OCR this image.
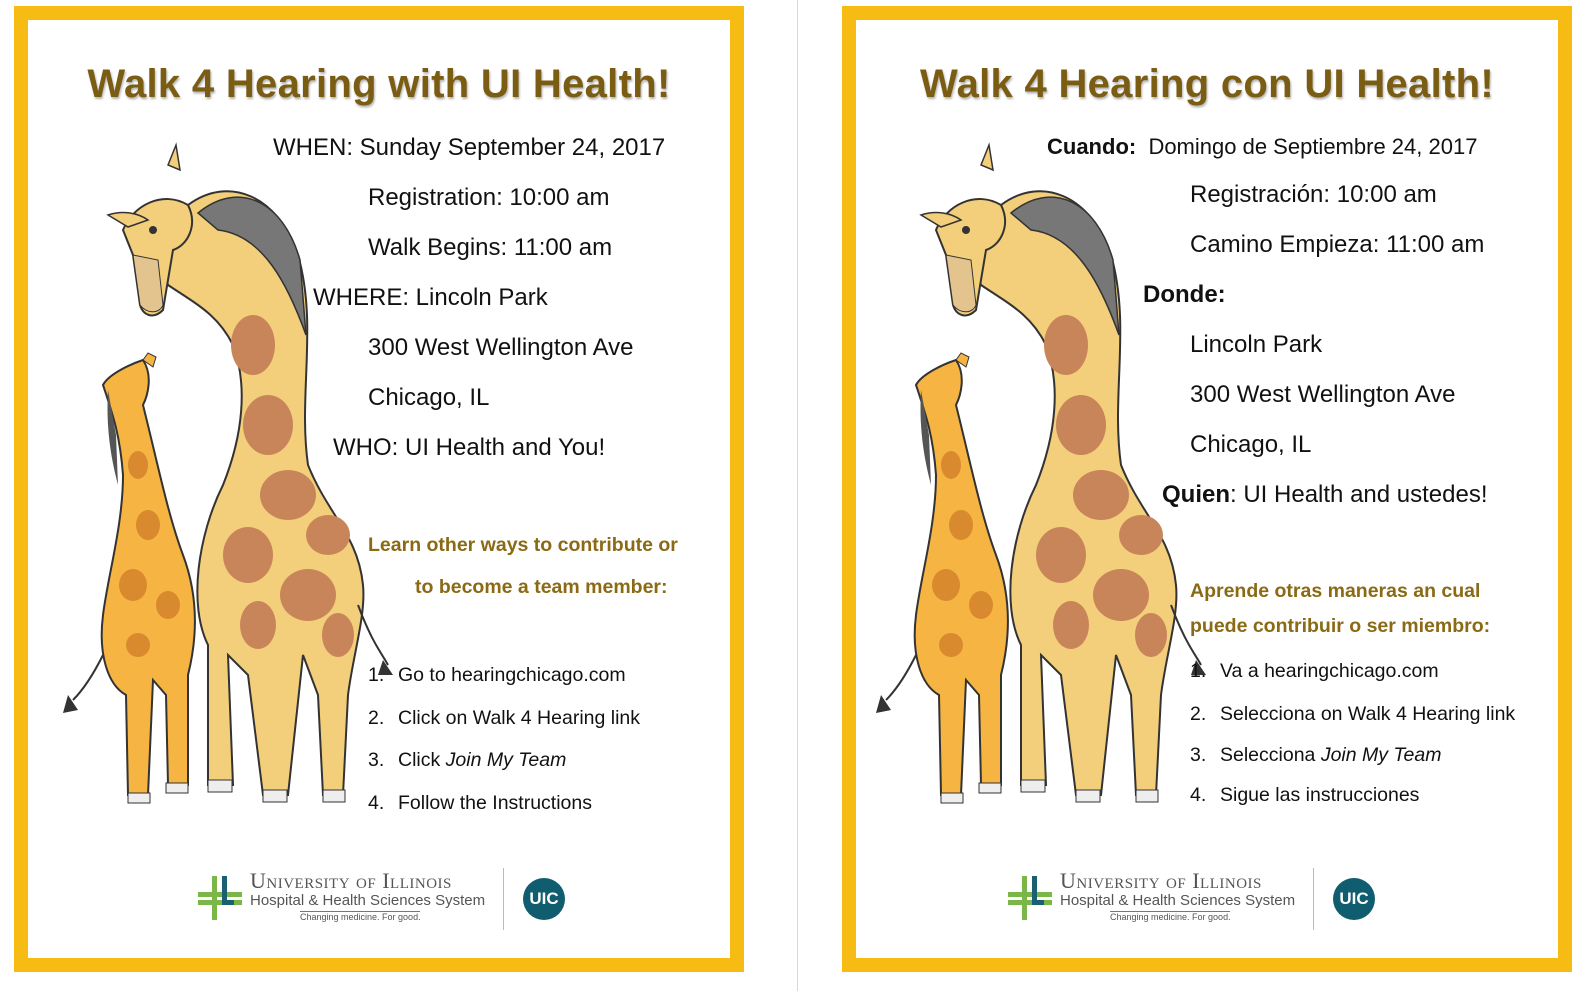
Walk 4 Hearing with UI Health!

WHEN: Sunday September 24, 2017

Registration: 10:00 am

Walk Begins: 11:00 am

WHERE: Lincoln Park

300 West Wellington Ave

Chicago, IL

WHO: UI Health and You!

Learn other ways to contribute or
to become a team member:
1. Go to hearingchicago.com
2. Click on Walk 4 Hearing link
3. Click Join My Team
4. Follow the Instructions
University of Illinois
Hospital & Health Sciences System
Changing medicine. For good.
UIC
Walk 4 Hearing con UI Health!

Cuando: Domingo de Septiembre 24, 2017

Registración: 10:00 am

Camino Empieza: 11:00 am

Donde:

Lincoln Park

300 West Wellington Ave

Chicago, IL

Quien: UI Health and ustedes!

Aprende otras maneras an cual
puede contribuir o ser miembro:
1. Va a hearingchicago.com
2. Selecciona on Walk 4 Hearing link
3. Selecciona Join My Team
4. Sigue las instrucciones
University of Illinois
Hospital & Health Sciences System
Changing medicine. For good.
UIC
